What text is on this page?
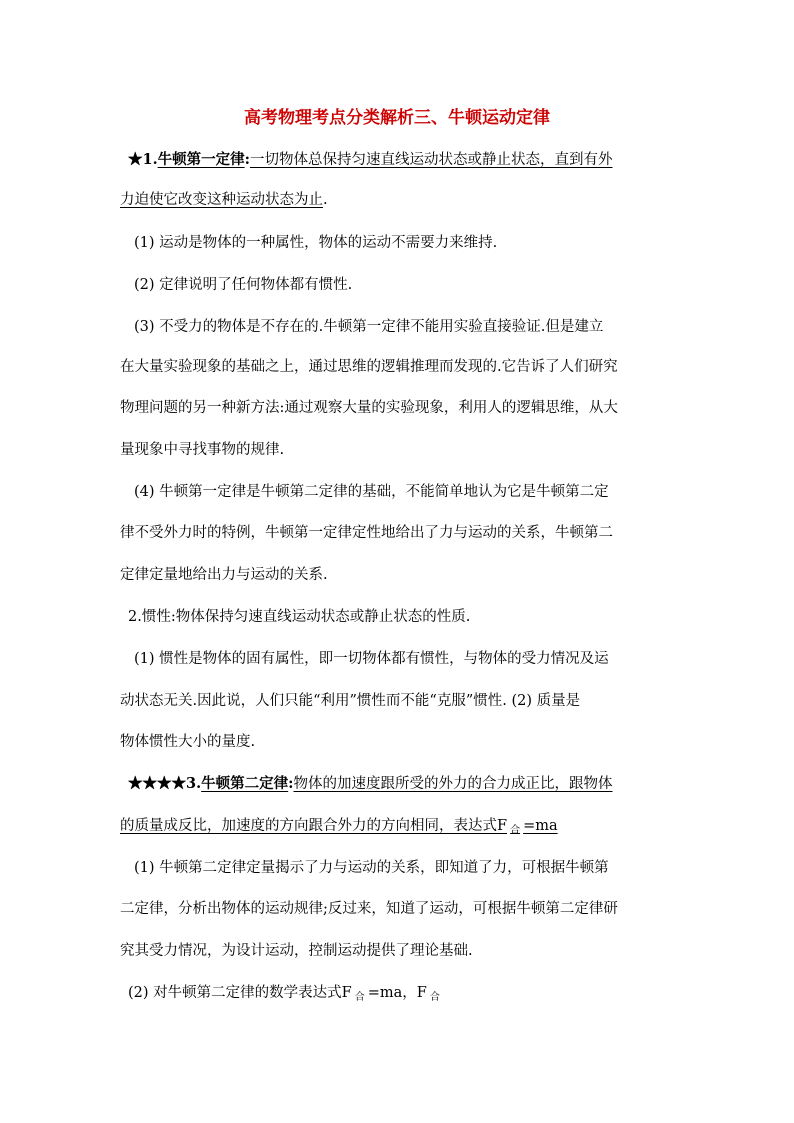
高考物理考点分类解析三、牛顿运动定律
★1.牛顿第一定律:一切物体总保持匀速直线运动状态或静止状态，直到有外
力迫使它改变这种运动状态为止.
(1) 运动是物体的一种属性，物体的运动不需要力来维持.
(2) 定律说明了任何物体都有惯性.
(3) 不受力的物体是不存在的.牛顿第一定律不能用实验直接验证.但是建立
在大量实验现象的基础之上，通过思维的逻辑推理而发现的.它告诉了人们研究
物理问题的另一种新方法:通过观察大量的实验现象，利用人的逻辑思维，从大
量现象中寻找事物的规律.
(4) 牛顿第一定律是牛顿第二定律的基础，不能简单地认为它是牛顿第二定
律不受外力时的特例，牛顿第一定律定性地给出了力与运动的关系，牛顿第二
定律定量地给出力与运动的关系.
2.惯性:物体保持匀速直线运动状态或静止状态的性质.
(1) 惯性是物体的固有属性，即一切物体都有惯性，与物体的受力情况及运
动状态无关.因此说，人们只能“利用”惯性而不能“克服”惯性. (2) 质量是
物体惯性大小的量度.
★★★★3.牛顿第二定律:物体的加速度跟所受的外力的合力成正比，跟物体
的质量成反比，加速度的方向跟合外力的方向相同，表达式F $_合$ =ma
(1) 牛顿第二定律定量揭示了力与运动的关系，即知道了力，可根据牛顿第
二定律，分析出物体的运动规律;反过来，知道了运动，可根据牛顿第二定律研
究其受力情况，为设计运动，控制运动提供了理论基础.
(2) 对牛顿第二定律的数学表达式F $_合$ =ma，F $_合$
